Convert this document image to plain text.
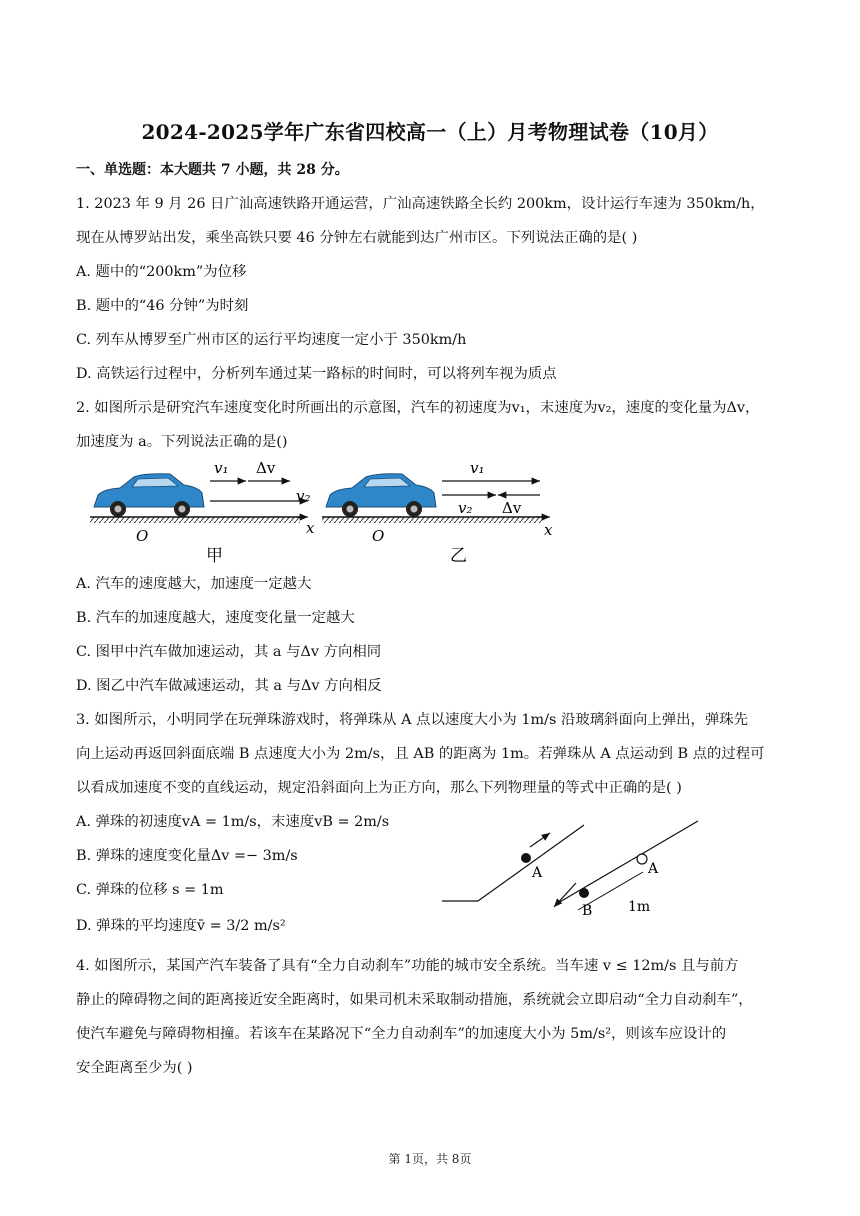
2024-2025学年广东省四校高一（上）月考物理试卷（10月）
一、单选题：本大题共 7 小题，共 28 分。
1. 2023 年 9 月 26 日广汕高速铁路开通运营，广汕高速铁路全长约 200km，设计运行车速为 350km/h，
现在从博罗站出发，乘坐高铁只要 46 分钟左右就能到达广州市区。下列说法正确的是( )
A. 题中的“200km”为位移
B. 题中的“46 分钟”为时刻
C. 列车从博罗至广州市区的运行平均速度一定小于 350km/h
D. 高铁运行过程中，分析列车通过某一路标的时间时，可以将列车视为质点
2. 如图所示是研究汽车速度变化时所画出的示意图，汽车的初速度为v₁，末速度为v₂，速度的变化量为Δv，
加速度为 a。下列说法正确的是()
v₁ Δv
v₂
x
O
甲
v₁
v₂ Δv
x
O
乙
A. 汽车的速度越大，加速度一定越大
B. 汽车的加速度越大，速度变化量一定越大
C. 图甲中汽车做加速运动，其 a 与Δv 方向相同
D. 图乙中汽车做减速运动，其 a 与Δv 方向相反
3. 如图所示，小明同学在玩弹珠游戏时，将弹珠从 A 点以速度大小为 1m/s 沿玻璃斜面向上弹出，弹珠先
向上运动再返回斜面底端 B 点速度大小为 2m/s，且 AB 的距离为 1m。若弹珠从 A 点运动到 B 点的过程可
以看成加速度不变的直线运动，规定沿斜面向上为正方向，那么下列物理量的等式中正确的是( )
A. 弹珠的初速度vA = 1m/s，末速度vB = 2m/s
B. 弹珠的速度变化量Δv =− 3m/s
C. 弹珠的位移 s = 1m
D. 弹珠的平均速度v̄ = 3/2 m/s²
A	A
B	1m
4. 如图所示，某国产汽车装备了具有“全力自动刹车”功能的城市安全系统。当车速 v ≤ 12m/s 且与前方
静止的障碍物之间的距离接近安全距离时，如果司机未采取制动措施，系统就会立即启动“全力自动刹车”，
使汽车避免与障碍物相撞。若该车在某路况下“全力自动刹车”的加速度大小为 5m/s²，则该车应设计的
安全距离至少为( )
第 1页，共 8页
